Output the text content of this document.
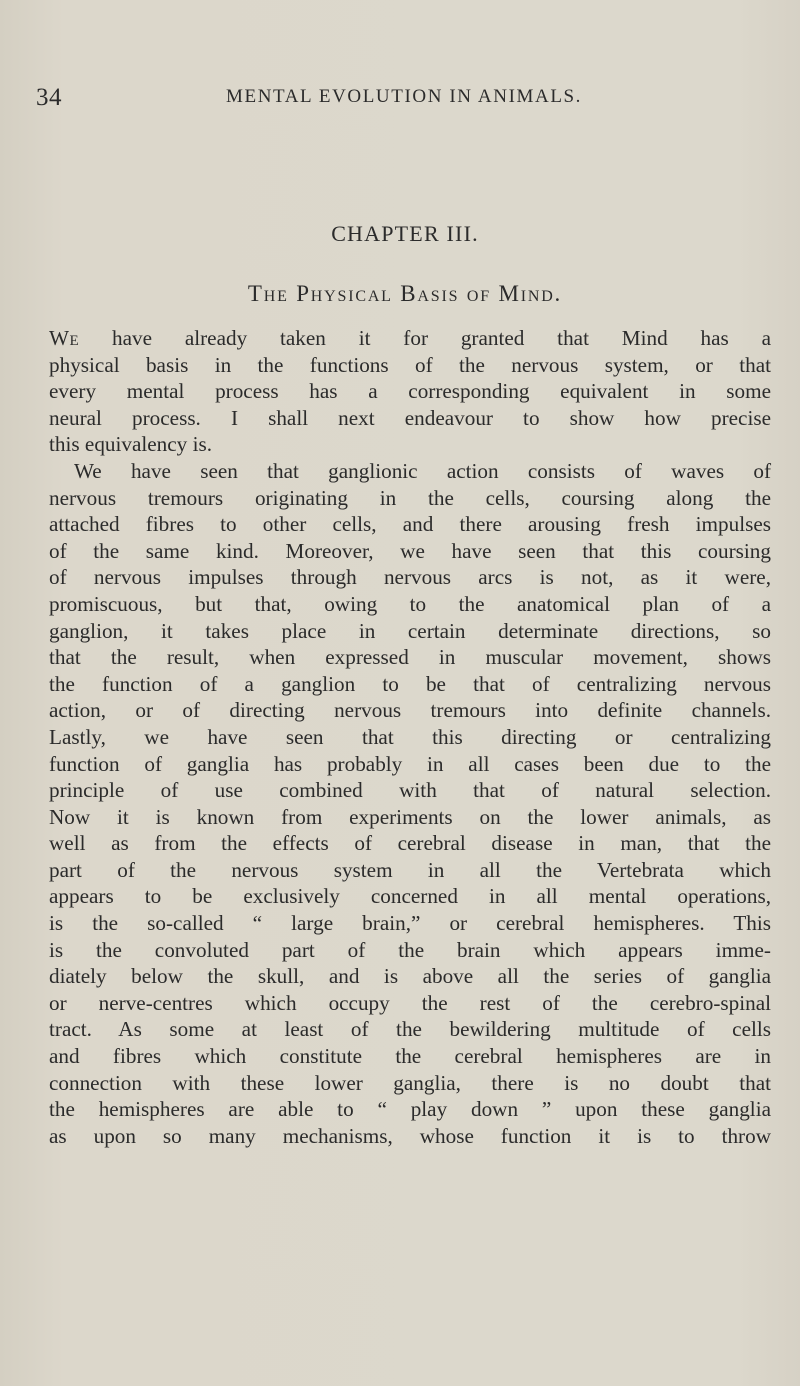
34	MENTAL EVOLUTION IN ANIMALS.
CHAPTER III.
The Physical Basis of Mind.
We have already taken it for granted that Mind has a
physical basis in the functions of the nervous system, or that
every mental process has a corresponding equivalent in some
neural process. I shall next endeavour to show how precise
this equivalency is.
We have seen that ganglionic action consists of waves of
nervous tremours originating in the cells, coursing along the
attached fibres to other cells, and there arousing fresh impulses
of the same kind. Moreover, we have seen that this coursing
of nervous impulses through nervous arcs is not, as it were,
promiscuous, but that, owing to the anatomical plan of a
ganglion, it takes place in certain determinate directions, so
that the result, when expressed in muscular movement, shows
the function of a ganglion to be that of centralizing nervous
action, or of directing nervous tremours into definite channels.
Lastly, we have seen that this directing or centralizing
function of ganglia has probably in all cases been due to the
principle of use combined with that of natural selection.
Now it is known from experiments on the lower animals, as
well as from the effects of cerebral disease in man, that the
part of the nervous system in all the Vertebrata which
appears to be exclusively concerned in all mental operations,
is the so-called “ large brain,” or cerebral hemispheres. This
is the convoluted part of the brain which appears imme-
diately below the skull, and is above all the series of ganglia
or nerve-centres which occupy the rest of the cerebro-spinal
tract. As some at least of the bewildering multitude of cells
and fibres which constitute the cerebral hemispheres are in
connection with these lower ganglia, there is no doubt that
the hemispheres are able to “ play down ” upon these ganglia
as upon so many mechanisms, whose function it is to throw
